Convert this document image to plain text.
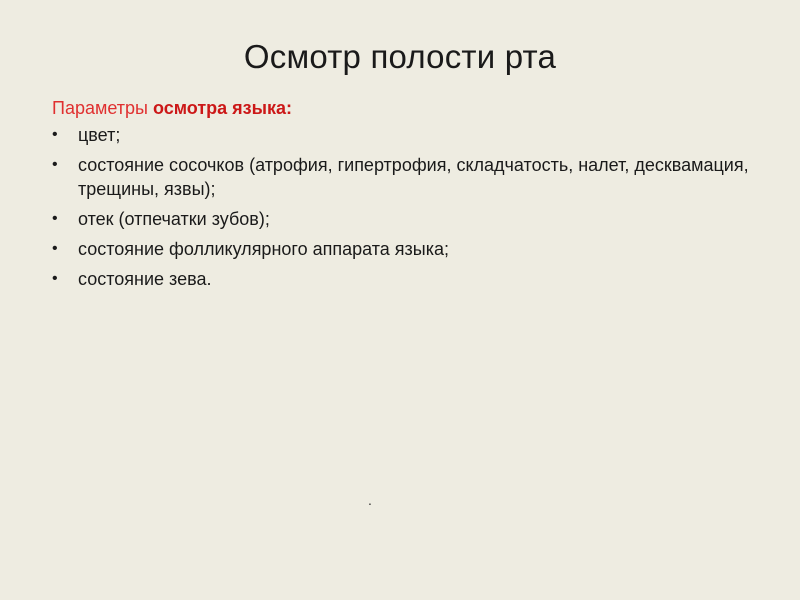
Осмотр полости рта
Параметры осмотра языка:
• цвет;
• состояние сосочков (атрофия, гипертрофия, складчатость, налет, десквамация, трещины, язвы);
• отек (отпечатки зубов);
• состояние фолликулярного аппарата языка;
• состояние зева.
.
